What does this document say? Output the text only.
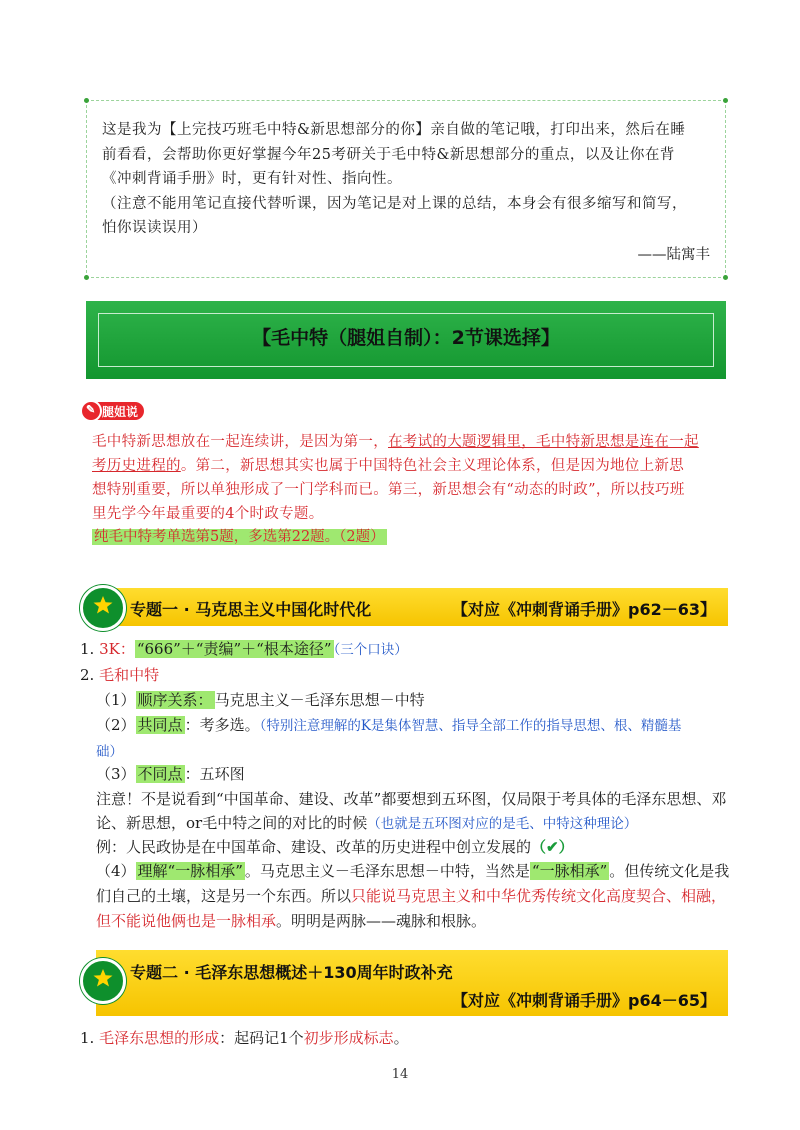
这是我为【上完技巧班毛中特&新思想部分的你】亲自做的笔记哦，打印出来，然后在睡
前看看，会帮助你更好掌握今年25考研关于毛中特&新思想部分的重点，以及让你在背
《冲刺背诵手册》时，更有针对性、指向性。
（注意不能用笔记直接代替听课，因为笔记是对上课的总结，本身会有很多缩写和简写，
怕你误读误用）
——陆寓丰
【毛中特（腿姐自制）：2节课选择】
✎ 腿姐说
毛中特新思想放在一起连续讲，是因为第一，在考试的大题逻辑里，毛中特新思想是连在一起
考历史进程的。第二，新思想其实也属于中国特色社会主义理论体系，但是因为地位上新思
想特别重要，所以单独形成了一门学科而已。第三，新思想会有“动态的时政”，所以技巧班
里先学今年最重要的4个时政专题。
纯毛中特考单选第5题，多选第22题。（2题）
专题一 · 马克思主义中国化时代化	【对应《冲刺背诵手册》p62－63】
1. 3K： “666”＋“责编”＋“根本途径” （三个口诀）
2. 毛和中特
（1） 顺序关系： 马克思主义－毛泽东思想－中特
（2） 共同点 ：考多选。（特别注意理解的K是集体智慧、指导全部工作的指导思想、根、精髓基
础）
（3） 不同点 ：五环图
注意！不是说看到“中国革命、建设、改革”都要想到五环图，仅局限于考具体的毛泽东思想、邓
论、新思想，or毛中特之间的对比的时候（也就是五环图对应的是毛、中特这种理论）
例：人民政协是在中国革命、建设、改革的历史进程中创立发展的（✔）
（4） 理解“一脉相承” 。马克思主义－毛泽东思想－中特，当然是 “一脉相承” 。但传统文化是我
们自己的土壤，这是另一个东西。所以只能说马克思主义和中华优秀传统文化高度契合、相融，
但不能说他俩也是一脉相承。明明是两脉——魂脉和根脉。
专题二 · 毛泽东思想概述＋130周年时政补充
【对应《冲刺背诵手册》p64－65】
1. 毛泽东思想的形成：起码记1个初步形成标志。
14
